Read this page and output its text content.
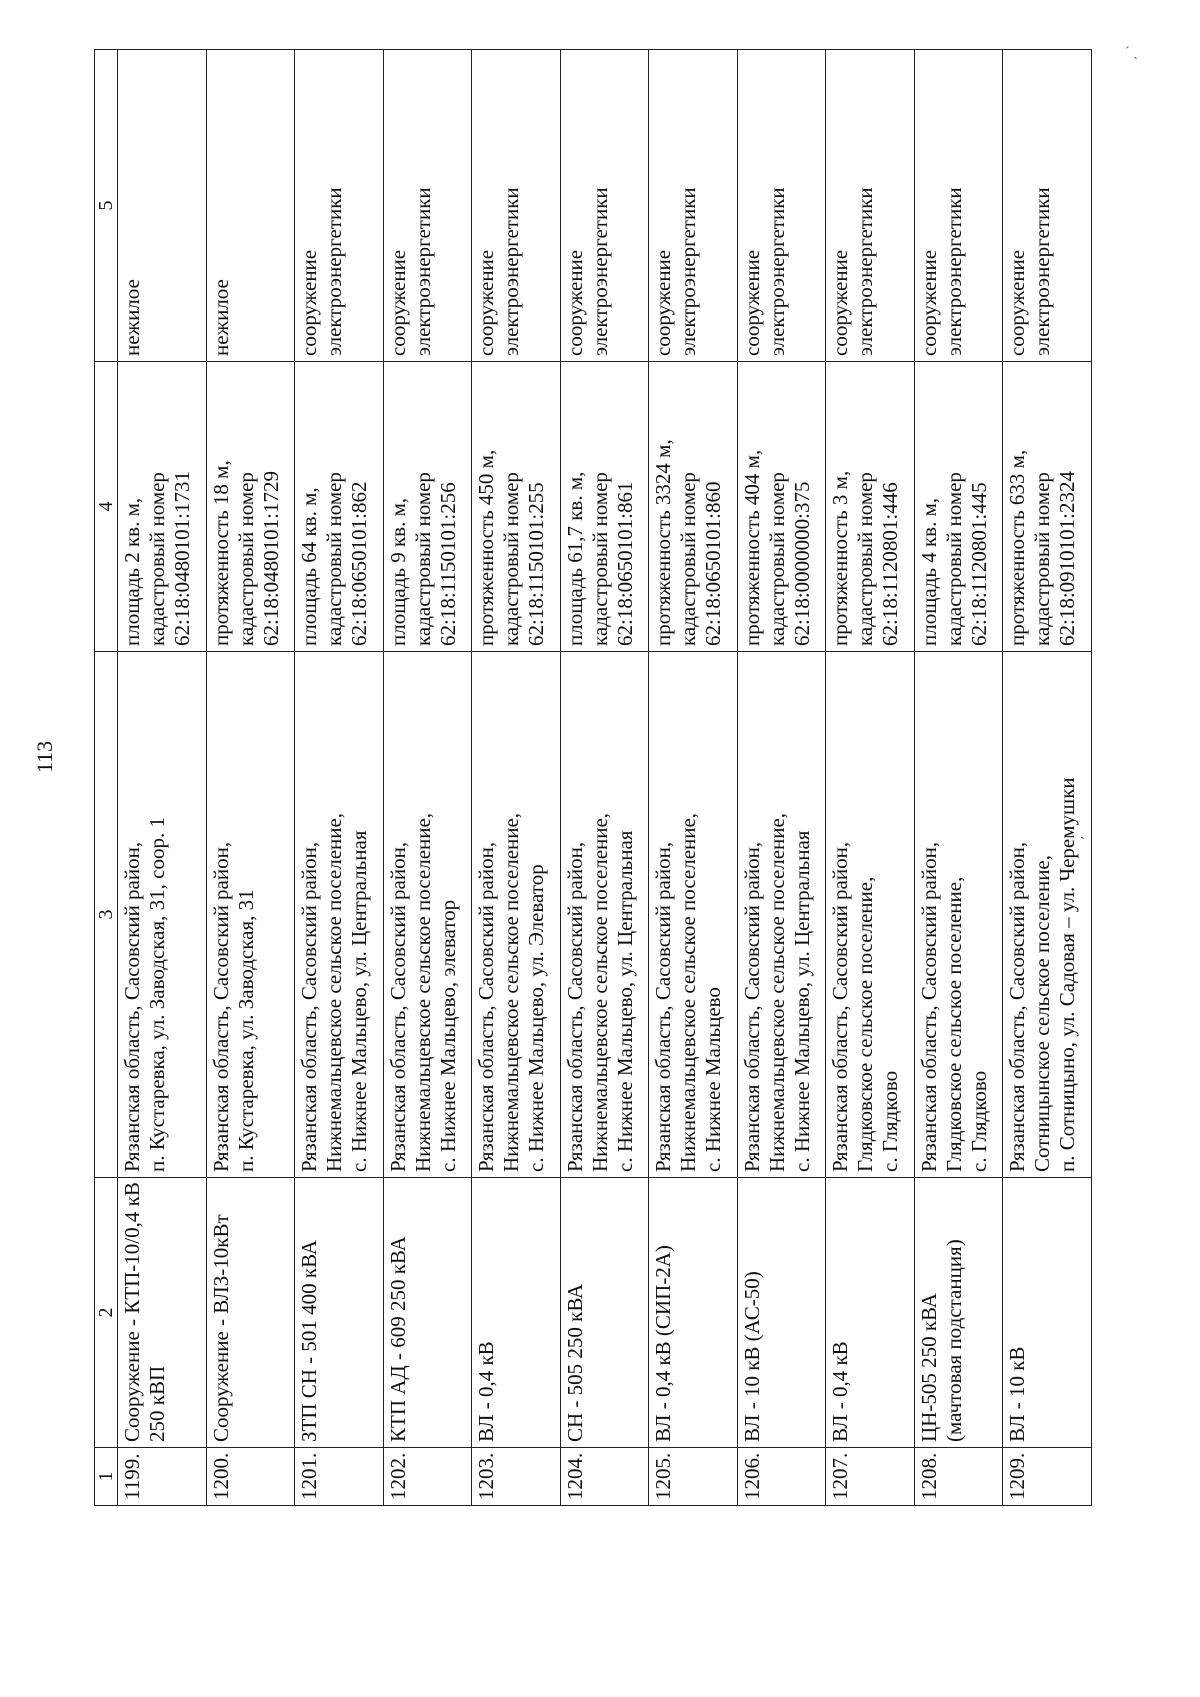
113
1	2	3	4	5
1199.	Сооружение - КТП-10/0,4 кВ 250 кВП	Рязанская область, Сасовский район, п. Кустаревка, ул. Заводская, 31, соор. 1	площадь 2 кв. м, кадастровый номер 62:18:0480101:1731	нежилое

1200.	Сооружение - ВЛЗ-10кВт	Рязанская область, Сасовский район, п. Кустаревка, ул. Заводская, 31	протяженность 18 м, кадастровый номер 62:18:0480101:1729	нежилое

1201.	ЗТП СН - 501 400 кВА	Рязанская область, Сасовский район, Нижнемальцевское сельское поселение, с. Нижнее Мальцево, ул. Центральная	площадь 64 кв. м, кадастровый номер 62:18:0650101:862	сооружение электроэнергетики

1202.	КТП АД - 609 250 кВА	Рязанская область, Сасовский район, Нижнемальцевское сельское поселение, с. Нижнее Мальцево, элеватор	площадь 9 кв. м, кадастровый номер 62:18:1150101:256	сооружение электроэнергетики

1203.	ВЛ - 0,4 кВ	Рязанская область, Сасовский район, Нижнемальцевское сельское поселение, с. Нижнее Мальцево, ул. Элеватор	протяженность 450 м, кадастровый номер 62:18:1150101:255	сооружение электроэнергетики

1204.	СН - 505 250 кВА	Рязанская область, Сасовский район, Нижнемальцевское сельское поселение, с. Нижнее Мальцево, ул. Центральная	площадь 61,7 кв. м, кадастровый номер 62:18:0650101:861	сооружение электроэнергетики

1205.	ВЛ - 0,4 кВ (СИП-2А)	Рязанская область, Сасовский район, Нижнемальцевское сельское поселение, с. Нижнее Мальцево	протяженность 3324 м, кадастровый номер 62:18:0650101:860	сооружение электроэнергетики

1206.	ВЛ - 10 кВ (АС-50)	Рязанская область, Сасовский район, Нижнемальцевское сельское поселение, с. Нижнее Мальцево, ул. Центральная	протяженность 404 м, кадастровый номер 62:18:0000000:375	сооружение электроэнергетики

1207.	ВЛ - 0,4 кВ	Рязанская область, Сасовский район, Глядковское сельское поселение, с. Глядково	протяженность 3 м, кадастровый номер 62:18:1120801:446	сооружение электроэнергетики

1208.	ЦН-505 250 кВА (мачтовая подстанция)	Рязанская область, Сасовский район, Глядковское сельское поселение, с. Глядково	площадь 4 кв. м, кадастровый номер 62:18:1120801:445	сооружение электроэнергетики

1209.	ВЛ - 10 кВ	Рязанская область, Сасовский район, Сотницынское сельское поселение, п. Сотницыно, ул. Садовая – ул. Черемушки	протяженность 633 м, кадастровый номер 62:18:0910101:2324	сооружение электроэнергетики
ˊ ˎ
ˏ
